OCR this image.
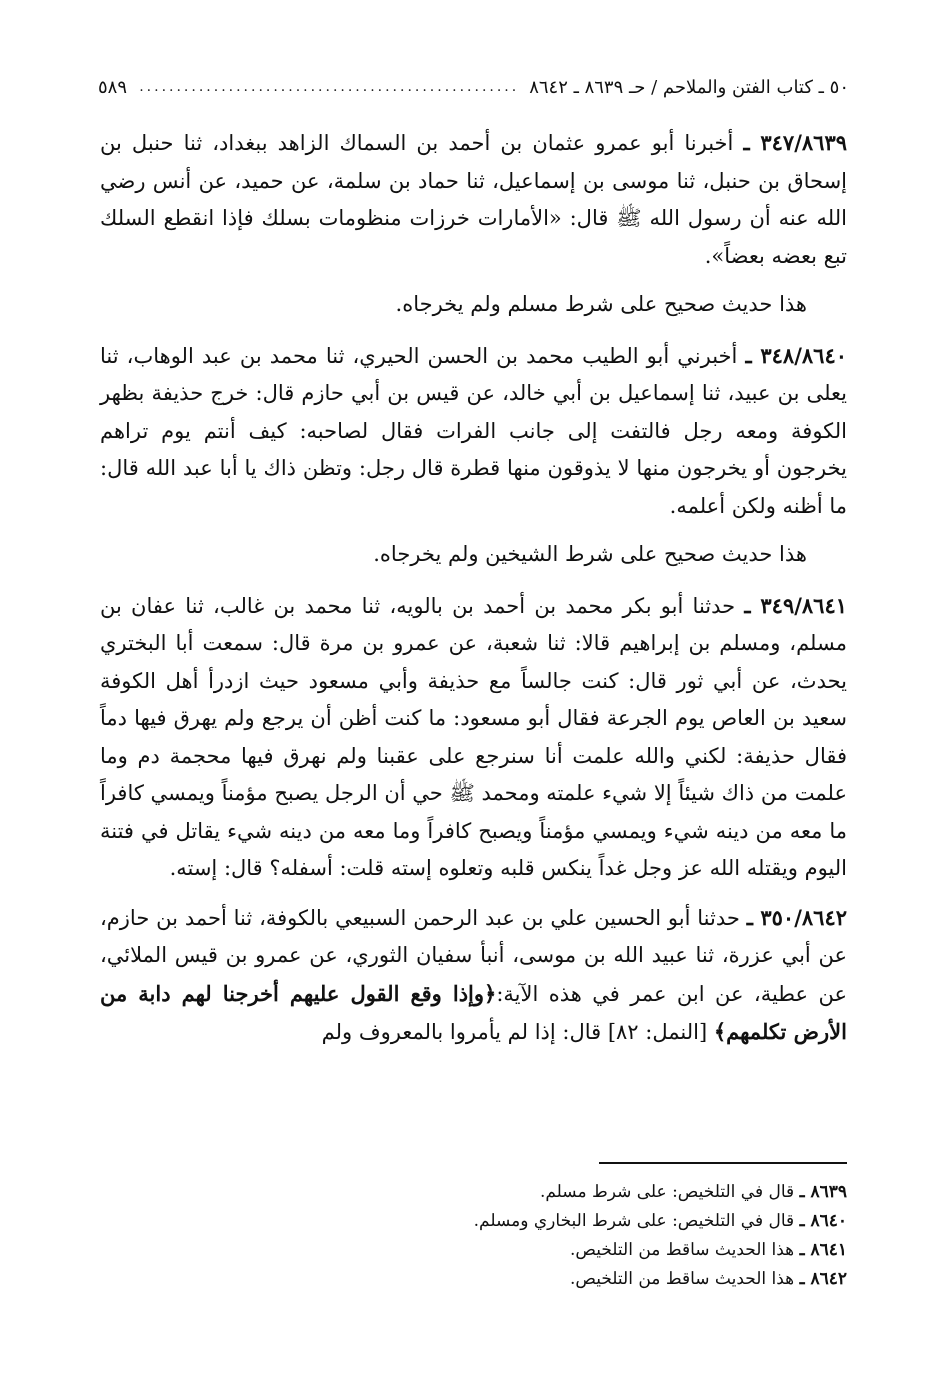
٥٠ ـ كتاب الفتن والملاحم / حـ ٨٦٣٩ ـ ٨٦٤٢
.....
٥٨٩

٣٤٧/٨٦٣٩ ـ أخبرنا أبو عمرو عثمان بن أحمد بن السماك الزاهد ببغداد، ثنا حنبل بن إسحاق بن حنبل، ثنا موسى بن إسماعيل، ثنا حماد بن سلمة، عن حميد، عن أنس رضي الله عنه أن رسول الله ﷺ قال: «الأمارات خرزات منظومات بسلك فإذا انقطع السلك تبع بعضه بعضاً».

هذا حديث صحيح على شرط مسلم ولم يخرجاه.

٣٤٨/٨٦٤٠ ـ أخبرني أبو الطيب محمد بن الحسن الحيري، ثنا محمد بن عبد الوهاب، ثنا يعلى بن عبيد، ثنا إسماعيل بن أبي خالد، عن قيس بن أبي حازم قال: خرج حذيفة بظهر الكوفة ومعه رجل فالتفت إلى جانب الفرات فقال لصاحبه: كيف أنتم يوم تراهم يخرجون أو يخرجون منها لا يذوقون منها قطرة قال رجل: وتظن ذاك يا أبا عبد الله قال: ما أظنه ولكن أعلمه.

هذا حديث صحيح على شرط الشيخين ولم يخرجاه.

٣٤٩/٨٦٤١ ـ حدثنا أبو بكر محمد بن أحمد بن بالويه، ثنا محمد بن غالب، ثنا عفان بن مسلم، ومسلم بن إبراهيم قالا: ثنا شعبة، عن عمرو بن مرة قال: سمعت أبا البختري يحدث، عن أبي ثور قال: كنت جالساً مع حذيفة وأبي مسعود حيث ازدرأ أهل الكوفة سعيد بن العاص يوم الجرعة فقال أبو مسعود: ما كنت أظن أن يرجع ولم يهرق فيها دماً فقال حذيفة: لكني والله علمت أنا سنرجع على عقبنا ولم نهرق فيها محجمة دم وما علمت من ذاك شيئاً إلا شيء علمته ومحمد ﷺ حي أن الرجل يصبح مؤمناً ويمسي كافراً ما معه من دينه شيء ويمسي مؤمناً ويصبح كافراً وما معه من دينه شيء يقاتل في فتنة اليوم ويقتله الله عز وجل غداً ينكس قلبه وتعلوه إسته قلت: أسفله؟ قال: إسته.

٣٥٠/٨٦٤٢ ـ حدثنا أبو الحسين علي بن عبد الرحمن السبيعي بالكوفة، ثنا أحمد بن حازم، عن أبي عزرة، ثنا عبيد الله بن موسى، أنبأ سفيان الثوري، عن عمرو بن قيس الملائي، عن عطية، عن ابن عمر في هذه الآية:﴿وإذا وقع القول عليهم أخرجنا لهم دابة من الأرض تكلمهم﴾ [النمل: ٨٢] قال: إذا لم يأمروا بالمعروف ولم

٨٦٣٩ ـ قال في التلخيص: على شرط مسلم.

٨٦٤٠ ـ قال في التلخيص: على شرط البخاري ومسلم.

٨٦٤١ ـ هذا الحديث ساقط من التلخيص.

٨٦٤٢ ـ هذا الحديث ساقط من التلخيص.
